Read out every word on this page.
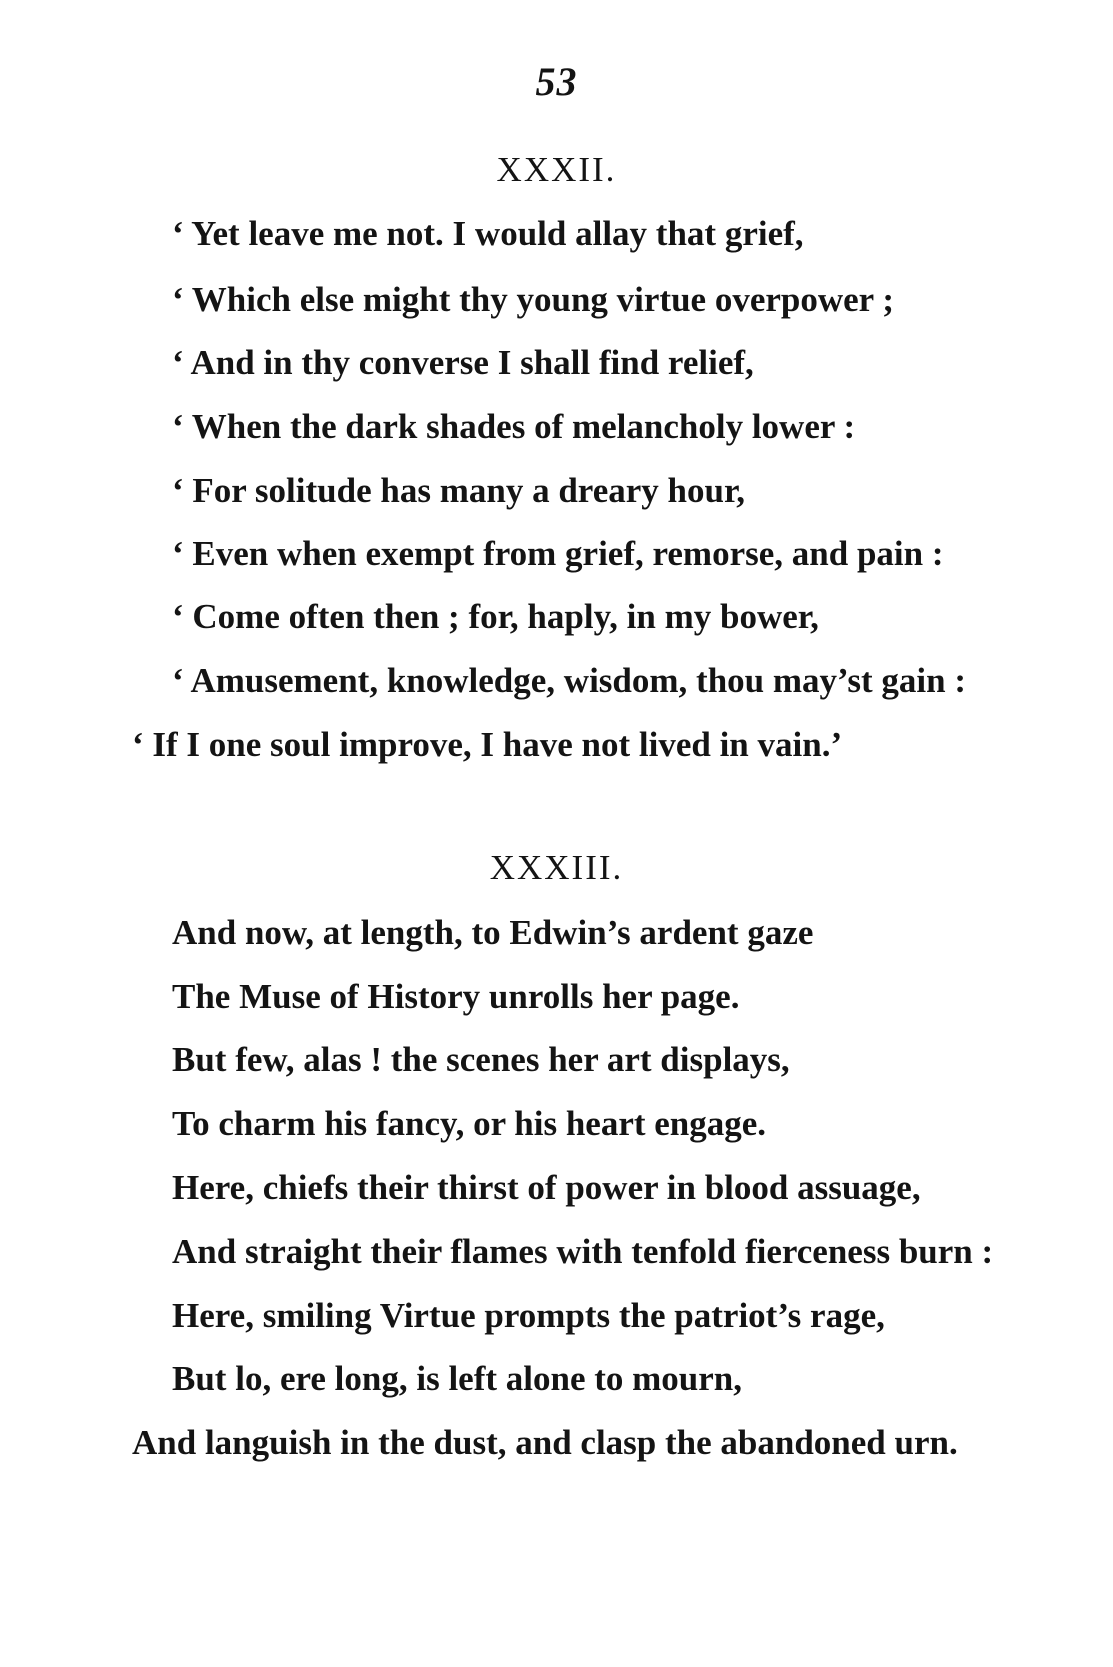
53
XXXII.
‘ Yet leave me not. I would allay that grief,
‘ Which else might thy young virtue overpower ;
‘ And in thy converse I shall find relief,
‘ When the dark shades of melancholy lower :
‘ For solitude has many a dreary hour,
‘ Even when exempt from grief, remorse, and pain :
‘ Come often then ; for, haply, in my bower,
‘ Amusement, knowledge, wisdom, thou may’st gain :
‘ If I one soul improve, I have not lived in vain.’
XXXIII.
And now, at length, to Edwin’s ardent gaze
The Muse of History unrolls her page.
But few, alas ! the scenes her art displays,
To charm his fancy, or his heart engage.
Here, chiefs their thirst of power in blood assuage,
And straight their flames with tenfold fierceness burn :
Here, smiling Virtue prompts the patriot’s rage,
But lo, ere long, is left alone to mourn,
And languish in the dust, and clasp the abandoned urn.
